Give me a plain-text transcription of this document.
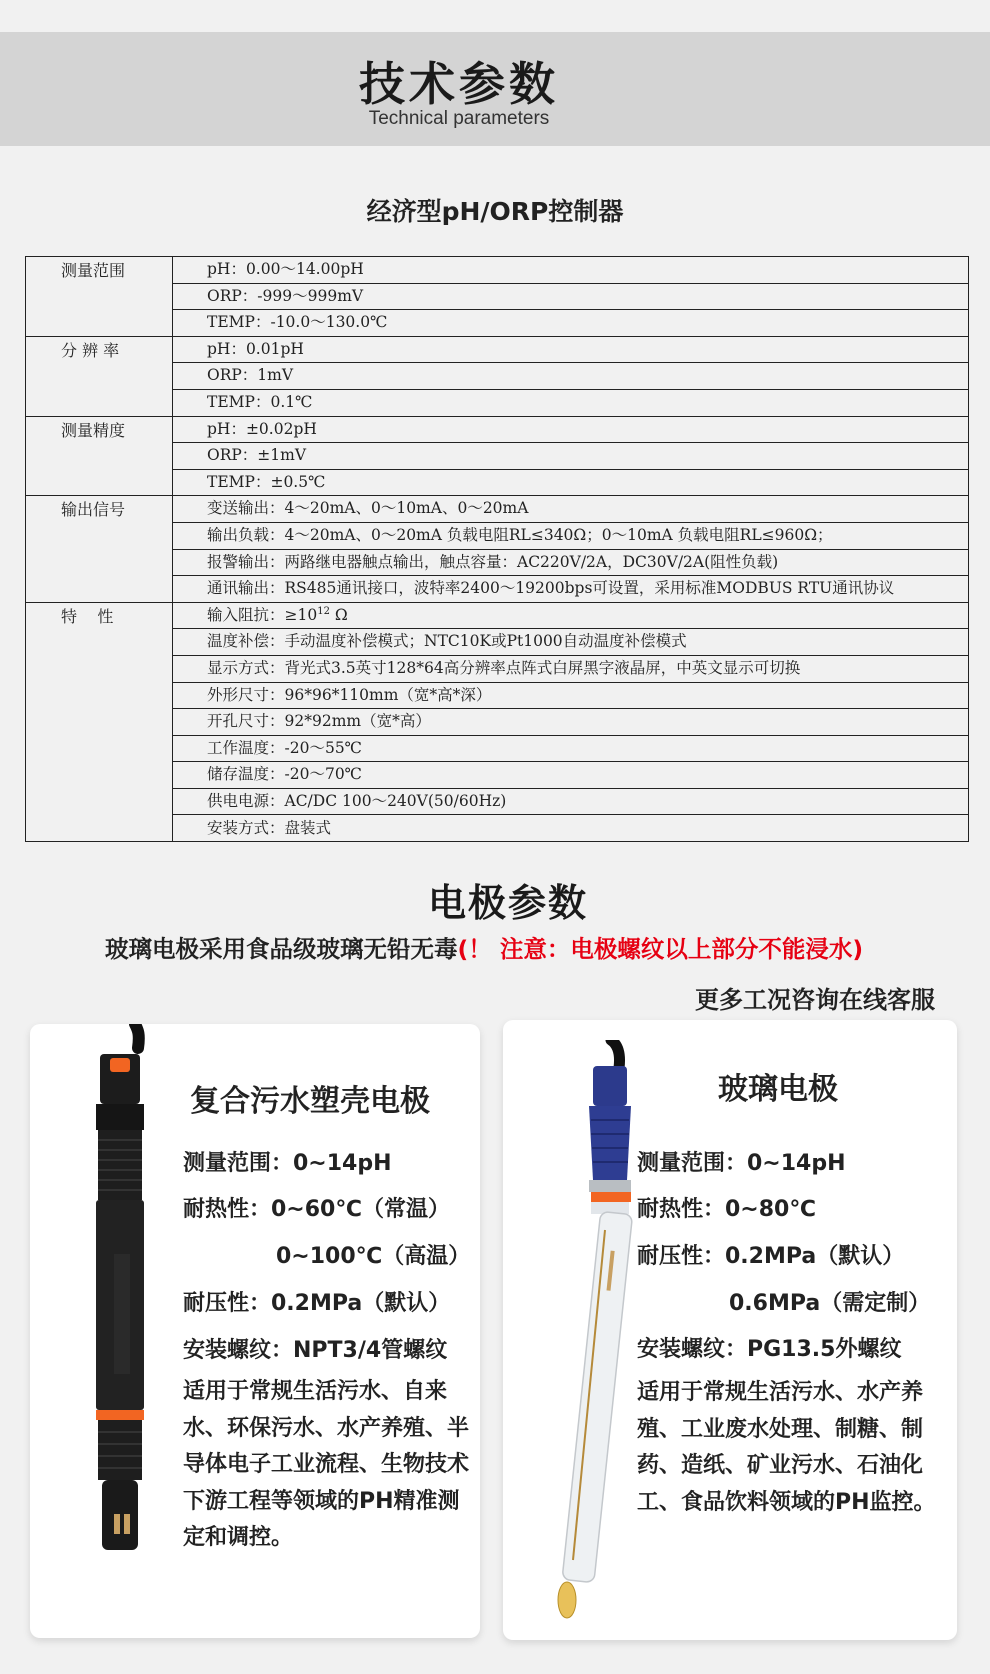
技术参数
Technical parameters
经济型pH/ORP控制器
测量范围	pH：0.00～14.00pH
	ORP：-999～999mV
	TEMP：-10.0～130.0℃
分 辨 率	pH：0.01pH
	ORP：1mV
	TEMP：0.1℃
测量精度	pH：±0.02pH
	ORP：±1mV
	TEMP：±0.5℃
输出信号	变送输出：4～20mA、0～10mA、0～20mA
	输出负载：4～20mA、0～20mA 负载电阻RL≤340Ω；0～10mA 负载电阻RL≤960Ω；
	报警输出：两路继电器触点输出，触点容量：AC220V/2A，DC30V/2A(阻性负载)
	通讯输出：RS485通讯接口，波特率2400～19200bps可设置，采用标准MODBUS RTU通讯协议
特    性	输入阻抗：$\ge 10^{12}$ Ω
	温度补偿：手动温度补偿模式；NTC10K或Pt1000自动温度补偿模式
	显示方式：背光式3.5英寸128*64高分辨率点阵式白屏黑字液晶屏，中英文显示可切换
	外形尺寸：96*96*110mm（宽*高*深）
	开孔尺寸：92*92mm（宽*高）
	工作温度：-20～55℃
	储存温度：-20～70℃
	供电电源：AC/DC 100～240V(50/60Hz)
	安装方式：盘装式
电极参数
玻璃电极采用食品级玻璃无铅无毒(！ 注意：电极螺纹以上部分不能浸水)
更多工况咨询在线客服
复合污水塑壳电极
测量范围：0~14pH
耐热性：0~60℃（常温）
0~100℃（高温）
耐压性：0.2MPa（默认）
安装螺纹：NPT3/4管螺纹
适用于常规生活污水、自来水、环保污水、水产养殖、半导体电子工业流程、生物技术下游工程等领域的PH精准测定和调控。
玻璃电极
测量范围：0~14pH
耐热性：0~80℃
耐压性：0.2MPa（默认）
0.6MPa（需定制）
安装螺纹：PG13.5外螺纹
适用于常规生活污水、水产养殖、工业废水处理、制糖、制药、造纸、矿业污水、石油化工、食品饮料领域的PH监控。
